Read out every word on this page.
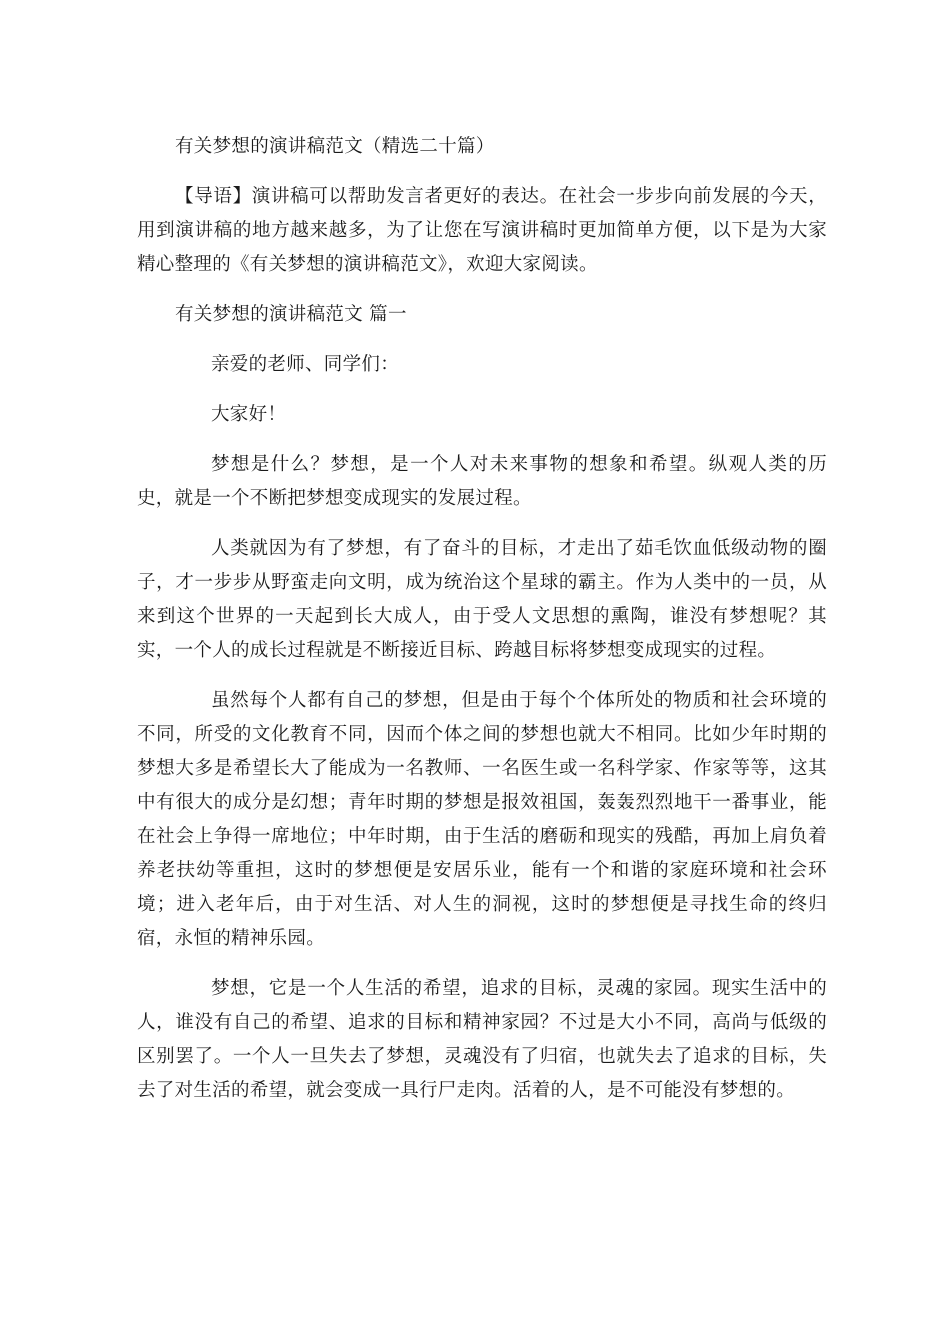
有关梦想的演讲稿范文（精选二十篇）

【导语】演讲稿可以帮助发言者更好的表达。在社会一步步向前发展的今天，用到演讲稿的地方越来越多，为了让您在写演讲稿时更加简单方便，以下是为大家精心整理的《有关梦想的演讲稿范文》，欢迎大家阅读。

有关梦想的演讲稿范文 篇一

亲爱的老师、同学们：

大家好！

梦想是什么？梦想，是一个人对未来事物的想象和希望。纵观人类的历史，就是一个不断把梦想变成现实的发展过程。

人类就因为有了梦想，有了奋斗的目标，才走出了茹毛饮血低级动物的圈子，才一步步从野蛮走向文明，成为统治这个星球的霸主。作为人类中的一员，从来到这个世界的一天起到长大成人，由于受人文思想的熏陶，谁没有梦想呢？其实，一个人的成长过程就是不断接近目标、跨越目标将梦想变成现实的过程。

虽然每个人都有自己的梦想，但是由于每个个体所处的物质和社会环境的不同，所受的文化教育不同，因而个体之间的梦想也就大不相同。比如少年时期的梦想大多是希望长大了能成为一名教师、一名医生或一名科学家、作家等等，这其中有很大的成分是幻想；青年时期的梦想是报效祖国，轰轰烈烈地干一番事业，能在社会上争得一席地位；中年时期，由于生活的磨砺和现实的残酷，再加上肩负着养老扶幼等重担，这时的梦想便是安居乐业，能有一个和谐的家庭环境和社会环境；进入老年后，由于对生活、对人生的洞视，这时的梦想便是寻找生命的终归宿，永恒的精神乐园。

梦想，它是一个人生活的希望，追求的目标，灵魂的家园。现实生活中的人，谁没有自己的希望、追求的目标和精神家园？不过是大小不同，高尚与低级的区别罢了。一个人一旦失去了梦想，灵魂没有了归宿，也就失去了追求的目标，失去了对生活的希望，就会变成一具行尸走肉。活着的人，是不可能没有梦想的。
